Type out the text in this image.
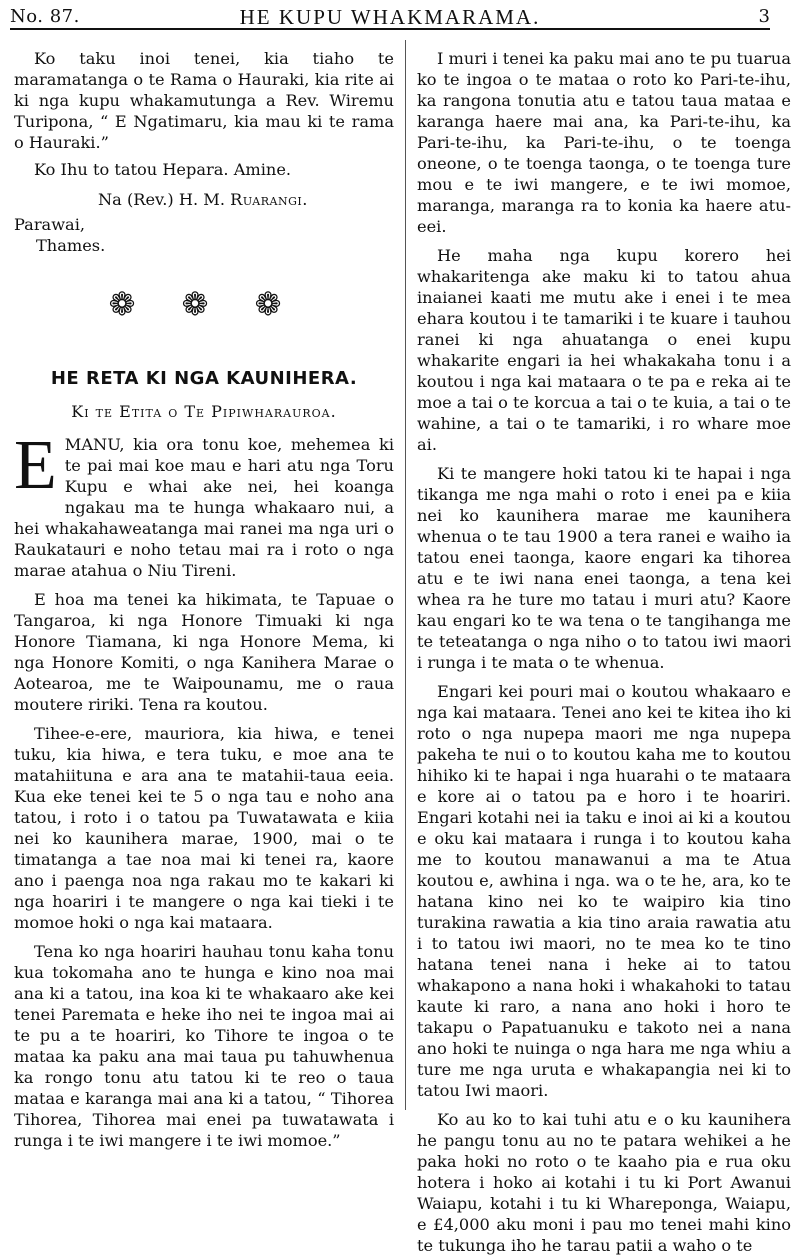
No. 87.	HE KUPU WHAKMARAMA.	3

Ko taku inoi tenei, kia tiaho te maramatanga o te Rama o Hauraki, kia rite ai ki nga kupu whakamutunga a Rev. Wiremu Turipona, “ E Ngatimaru, kia mau ki te rama o Hauraki.”

Ko Ihu to tatou Hepara. Amine.

Na (Rev.) H. M. Ruarangi.
Parawai,
Thames.
❁ ❁ ❁
HE RETA KI NGA KAUNIHERA.
Ki te Etita o Te Pipiwharauroa.
E MANU, kia ora tonu koe, mehemea ki te pai mai koe mau e hari atu nga Toru Kupu e whai ake nei, hei koanga ngakau ma te hunga whakaaro nui, a hei whakahaweatanga mai ranei ma nga uri o Raukatauri e noho tetau mai ra i roto o nga marae atahua o Niu Tireni.

E hoa ma tenei ka hikimata, te Tapuae o Tangaroa, ki nga Honore Timuaki ki nga Honore Tiamana, ki nga Honore Mema, ki nga Honore Komiti, o nga Kanihera Marae o Aotearoa, me te Waipounamu, me o raua moutere ririki. Tena ra koutou.

Tihee-e-ere, mauriora, kia hiwa, e tenei tuku, kia hiwa, e tera tuku, e moe ana te matahiituna e ara ana te matahii-taua eeia. Kua eke tenei kei te 5 o nga tau e noho ana tatou, i roto i o tatou pa Tuwatawata e kiia nei ko kaunihera marae, 1900, mai o te timatanga a tae noa mai ki tenei ra, kaore ano i paenga noa nga rakau mo te kakari ki nga hoariri i te mangere o nga kai tieki i te momoe hoki o nga kai mataara.

Tena ko nga hoariri hauhau tonu kaha tonu kua tokomaha ano te hunga e kino noa mai ana ki a tatou, ina koa ki te whakaaro ake kei tenei Paremata e heke iho nei te ingoa mai ai te pu a te hoariri, ko Tihore te ingoa o te mataa ka paku ana mai taua pu tahuwhenua ka rongo tonu atu tatou ki te reo o taua mataa e karanga mai ana ki a tatou, “ Tihorea Tihorea, Tihorea mai enei pa tuwatawata i runga i te iwi mangere i te iwi momoe.”

I muri i tenei ka paku mai ano te pu tuarua ko te ingoa o te mataa o roto ko Pari-te-ihu, ka rangona tonutia atu e tatou taua mataa e karanga haere mai ana, ka Pari-te-ihu, ka Pari-te-ihu, ka Pari-te-ihu, o te toenga oneone, o te toenga taonga, o te toenga ture mou e te iwi mangere, e te iwi momoe, maranga, maranga ra to konia ka haere atu-eei.

He maha nga kupu korero hei whakaritenga ake maku ki to tatou ahua inaianei kaati me mutu ake i enei i te mea ehara koutou i te tamariki i te kuare i tauhou ranei ki nga ahuatanga o enei kupu whakarite engari ia hei whakakaha tonu i a koutou i nga kai mataara o te pa e reka ai te moe a tai o te korcua a tai o te kuia, a tai o te wahine, a tai o te tamariki, i ro whare moe ai.

Ki te mangere hoki tatou ki te hapai i nga tikanga me nga mahi o roto i enei pa e kiia nei ko kaunihera marae me kaunihera whenua o te tau 1900 a tera ranei e waiho ia tatou enei taonga, kaore engari ka tihorea atu e te iwi nana enei taonga, a tena kei whea ra he ture mo tatau i muri atu? Kaore kau engari ko te wa tena o te tangihanga me te teteatanga o nga niho o to tatou iwi maori i runga i te mata o te whenua.

Engari kei pouri mai o koutou whakaaro e nga kai mataara. Tenei ano kei te kitea iho ki roto o nga nupepa maori me nga nupepa pakeha te nui o to koutou kaha me to koutou hihiko ki te hapai i nga huarahi o te mataara e kore ai o tatou pa e horo i te hoariri. Engari kotahi nei ia taku e inoi ai ki a koutou e oku kai mataara i runga i to koutou kaha me to koutou manawanui a ma te Atua koutou e, awhina i nga. wa o te he, ara, ko te hatana kino nei ko te waipiro kia tino turakina rawatia a kia tino araia rawatia atu i to tatou iwi maori, no te mea ko te tino hatana tenei nana i heke ai to tatou whakapono a nana hoki i whakahoki to tatau kaute ki raro, a nana ano hoki i horo te takapu o Papatuanuku e takoto nei a nana ano hoki te nuinga o nga hara me nga whiu a ture me nga uruta e whakapangia nei ki to tatou Iwi maori.

Ko au ko to kai tuhi atu e o ku kaunihera he pangu tonu au no te patara wehikei a he paka hoki no roto o te kaaho pia e rua oku hotera i hoko ai kotahi i tu ki Port Awanui Waiapu, kotahi i tu ki Whareponga, Waiapu, e £4,000 aku moni i pau mo tenei mahi kino te tukunga iho he tarau patii a waho o te
